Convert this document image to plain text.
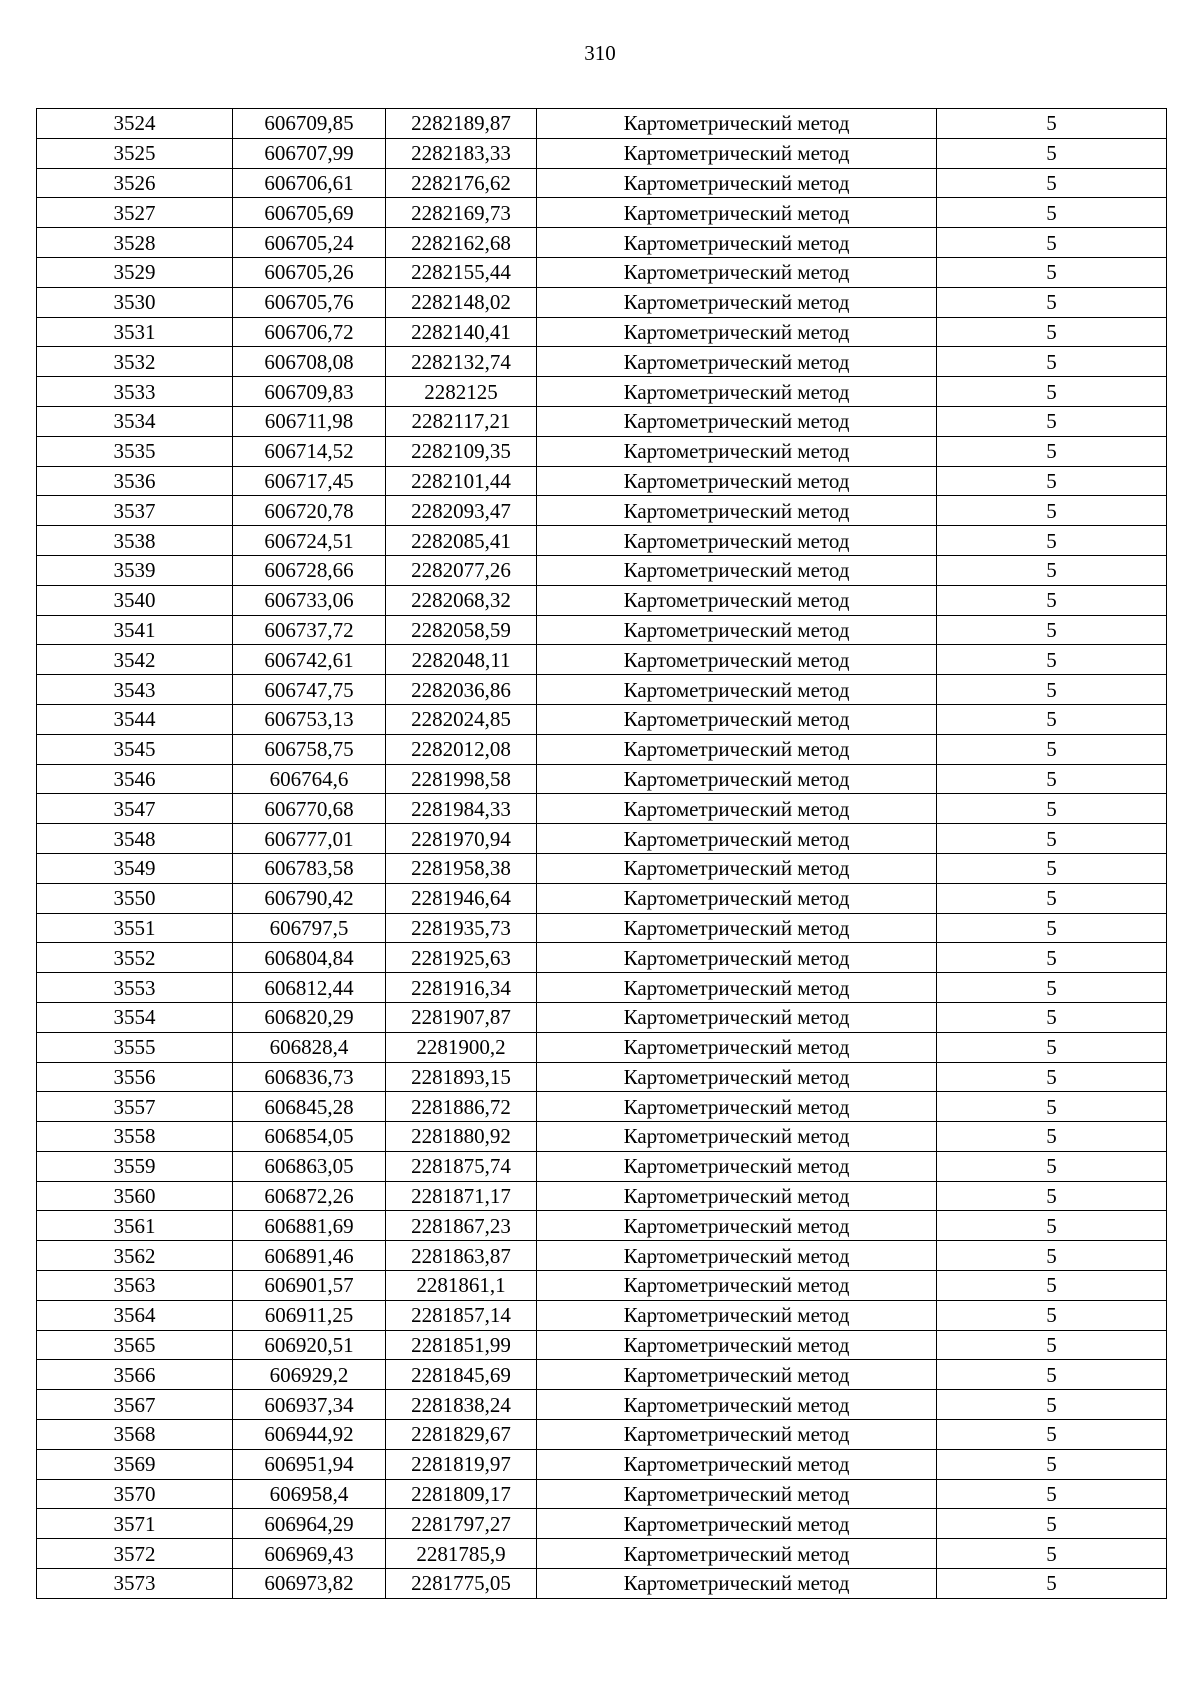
310
3524	606709,85	2282189,87	Картометрический метод	5
3525	606707,99	2282183,33	Картометрический метод	5
3526	606706,61	2282176,62	Картометрический метод	5
3527	606705,69	2282169,73	Картометрический метод	5
3528	606705,24	2282162,68	Картометрический метод	5
3529	606705,26	2282155,44	Картометрический метод	5
3530	606705,76	2282148,02	Картометрический метод	5
3531	606706,72	2282140,41	Картометрический метод	5
3532	606708,08	2282132,74	Картометрический метод	5
3533	606709,83	2282125	Картометрический метод	5
3534	606711,98	2282117,21	Картометрический метод	5
3535	606714,52	2282109,35	Картометрический метод	5
3536	606717,45	2282101,44	Картометрический метод	5
3537	606720,78	2282093,47	Картометрический метод	5
3538	606724,51	2282085,41	Картометрический метод	5
3539	606728,66	2282077,26	Картометрический метод	5
3540	606733,06	2282068,32	Картометрический метод	5
3541	606737,72	2282058,59	Картометрический метод	5
3542	606742,61	2282048,11	Картометрический метод	5
3543	606747,75	2282036,86	Картометрический метод	5
3544	606753,13	2282024,85	Картометрический метод	5
3545	606758,75	2282012,08	Картометрический метод	5
3546	606764,6	2281998,58	Картометрический метод	5
3547	606770,68	2281984,33	Картометрический метод	5
3548	606777,01	2281970,94	Картометрический метод	5
3549	606783,58	2281958,38	Картометрический метод	5
3550	606790,42	2281946,64	Картометрический метод	5
3551	606797,5	2281935,73	Картометрический метод	5
3552	606804,84	2281925,63	Картометрический метод	5
3553	606812,44	2281916,34	Картометрический метод	5
3554	606820,29	2281907,87	Картометрический метод	5
3555	606828,4	2281900,2	Картометрический метод	5
3556	606836,73	2281893,15	Картометрический метод	5
3557	606845,28	2281886,72	Картометрический метод	5
3558	606854,05	2281880,92	Картометрический метод	5
3559	606863,05	2281875,74	Картометрический метод	5
3560	606872,26	2281871,17	Картометрический метод	5
3561	606881,69	2281867,23	Картометрический метод	5
3562	606891,46	2281863,87	Картометрический метод	5
3563	606901,57	2281861,1	Картометрический метод	5
3564	606911,25	2281857,14	Картометрический метод	5
3565	606920,51	2281851,99	Картометрический метод	5
3566	606929,2	2281845,69	Картометрический метод	5
3567	606937,34	2281838,24	Картометрический метод	5
3568	606944,92	2281829,67	Картометрический метод	5
3569	606951,94	2281819,97	Картометрический метод	5
3570	606958,4	2281809,17	Картометрический метод	5
3571	606964,29	2281797,27	Картометрический метод	5
3572	606969,43	2281785,9	Картометрический метод	5
3573	606973,82	2281775,05	Картометрический метод	5
